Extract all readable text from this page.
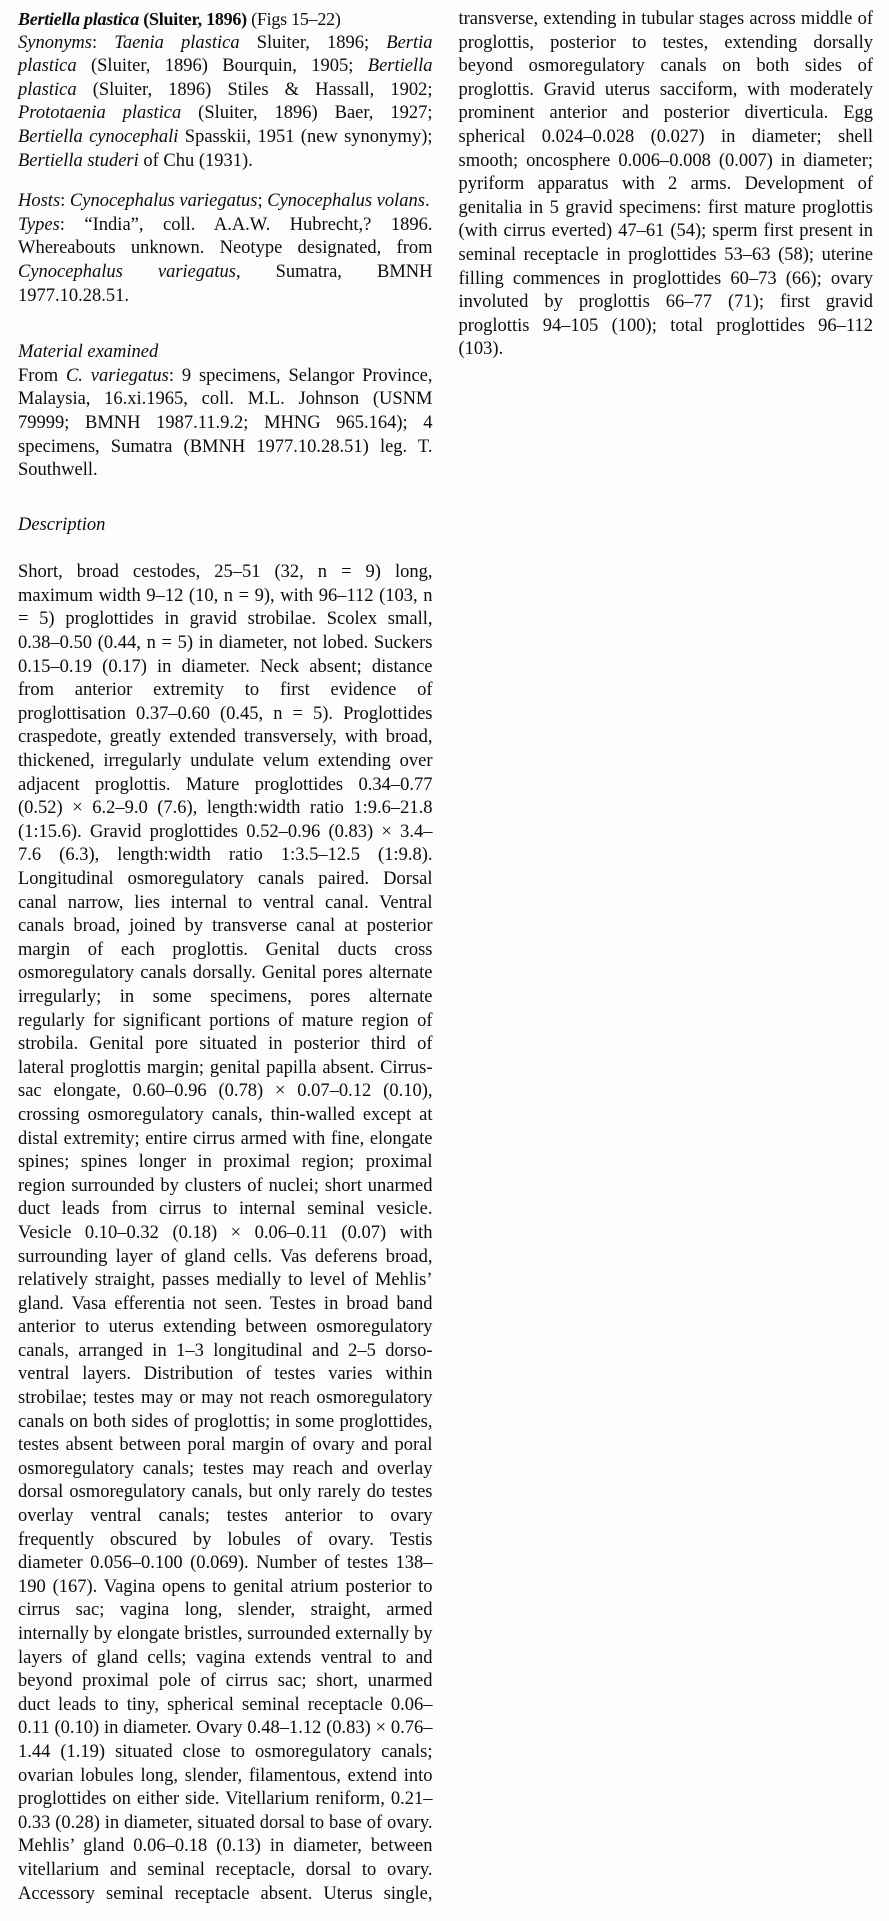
Bertiella plastica (Sluiter, 1896) (Figs 15–22)

Synonyms: Taenia plastica Sluiter, 1896; Bertia plastica (Sluiter, 1896) Bourquin, 1905; Bertiella plastica (Sluiter, 1896) Stiles & Hassall, 1902; Prototaenia plastica (Sluiter, 1896) Baer, 1927; Bertiella cynocephali Spasskii, 1951 (new synonymy); Bertiella studeri of Chu (1931).

Hosts: Cynocephalus variegatus; Cynocephalus volans.

Types: “India”, coll. A.A.W. Hubrecht,? 1896. Whereabouts unknown. Neotype designated, from Cynocephalus variegatus, Sumatra, BMNH 1977.10.28.51.

Material examined

From C. variegatus: 9 specimens, Selangor Province, Malaysia, 16.xi.1965, coll. M.L. Johnson (USNM 79999; BMNH 1987.11.9.2; MHNG 965.164); 4 specimens, Sumatra (BMNH 1977.10.28.51) leg. T. Southwell.

Description

Short, broad cestodes, 25–51 (32, n = 9) long, maximum width 9–12 (10, n = 9), with 96–112 (103, n = 5) proglottides in gravid strobilae. Scolex small, 0.38–0.50 (0.44, n = 5) in diameter, not lobed. Suckers 0.15–0.19 (0.17) in diameter. Neck absent; distance from anterior extremity to first evidence of proglottisation 0.37–0.60 (0.45, n = 5). Proglottides craspedote, greatly extended transversely, with broad, thickened, irregularly undulate velum extending over adjacent proglottis. Mature proglottides 0.34–0.77 (0.52) × 6.2–9.0 (7.6), length:width ratio 1:9.6–21.8 (1:15.6). Gravid proglottides 0.52–0.96 (0.83) × 3.4–7.6 (6.3), length:width ratio 1:3.5–12.5 (1:9.8). Longitudinal osmoregulatory canals paired. Dorsal canal narrow, lies internal to ventral canal. Ventral canals broad, joined by transverse canal at posterior margin of each proglottis. Genital ducts cross osmoregulatory canals dorsally. Genital pores alternate irregularly; in some specimens, pores alternate regularly for significant portions of mature region of strobila. Genital pore situated in posterior third of lateral proglottis margin; genital papilla absent. Cirrus-sac elongate, 0.60–0.96 (0.78) × 0.07–0.12 (0.10), crossing osmoregulatory canals, thin-walled except at distal extremity; entire cirrus armed with fine, elongate spines; spines longer in proximal region; proximal region surrounded by clusters of nuclei; short unarmed duct leads from cirrus to internal seminal vesicle. Vesicle 0.10–0.32 (0.18) × 0.06–0.11 (0.07) with surrounding layer of gland cells. Vas deferens broad, relatively straight, passes medially to level of Mehlis’ gland. Vasa efferentia not seen. Testes in broad band anterior to uterus extending between osmoregulatory canals, arranged in 1–3 longitudinal and 2–5 dorso-ventral layers. Distribution of testes varies within strobilae; testes may or may not reach osmoregulatory canals on both sides of proglottis; in some proglottides, testes absent between poral margin of ovary and poral osmoregulatory canals; testes may reach and overlay dorsal osmoregulatory canals, but only rarely do testes overlay ventral canals; testes anterior to ovary frequently obscured by lobules of ovary. Testis diameter 0.056–0.100 (0.069). Number of testes 138–190 (167). Vagina opens to genital atrium posterior to cirrus sac; vagina long, slender, straight, armed internally by elongate bristles, surrounded externally by layers of gland cells; vagina extends ventral to and beyond proximal pole of cirrus sac; short, unarmed duct leads to tiny, spherical seminal receptacle 0.06–0.11 (0.10) in diameter. Ovary 0.48–1.12 (0.83) × 0.76–1.44 (1.19) situated close to osmoregulatory canals; ovarian lobules long, slender, filamentous, extend into proglottides on either side. Vitellarium reniform, 0.21–0.33 (0.28) in diameter, situated dorsal to base of ovary. Mehlis’ gland 0.06–0.18 (0.13) in diameter, between vitellarium and seminal receptacle, dorsal to ovary. Accessory seminal receptacle absent. Uterus single, transverse, extending in tubular stages across middle of proglottis, posterior to testes, extending dorsally beyond osmoregulatory canals on both sides of proglottis. Gravid uterus sacciform, with moderately prominent anterior and posterior diverticula. Egg spherical 0.024–0.028 (0.027) in diameter; shell smooth; oncosphere 0.006–0.008 (0.007) in diameter; pyriform apparatus with 2 arms. Development of genitalia in 5 gravid specimens: first mature proglottis (with cirrus everted) 47–61 (54); sperm first present in seminal receptacle in proglottides 53–63 (58); uterine filling commences in proglottides 60–73 (66); ovary involuted by proglottis 66–77 (71); first gravid proglottis 94–105 (100); total proglottides 96–112 (103).
